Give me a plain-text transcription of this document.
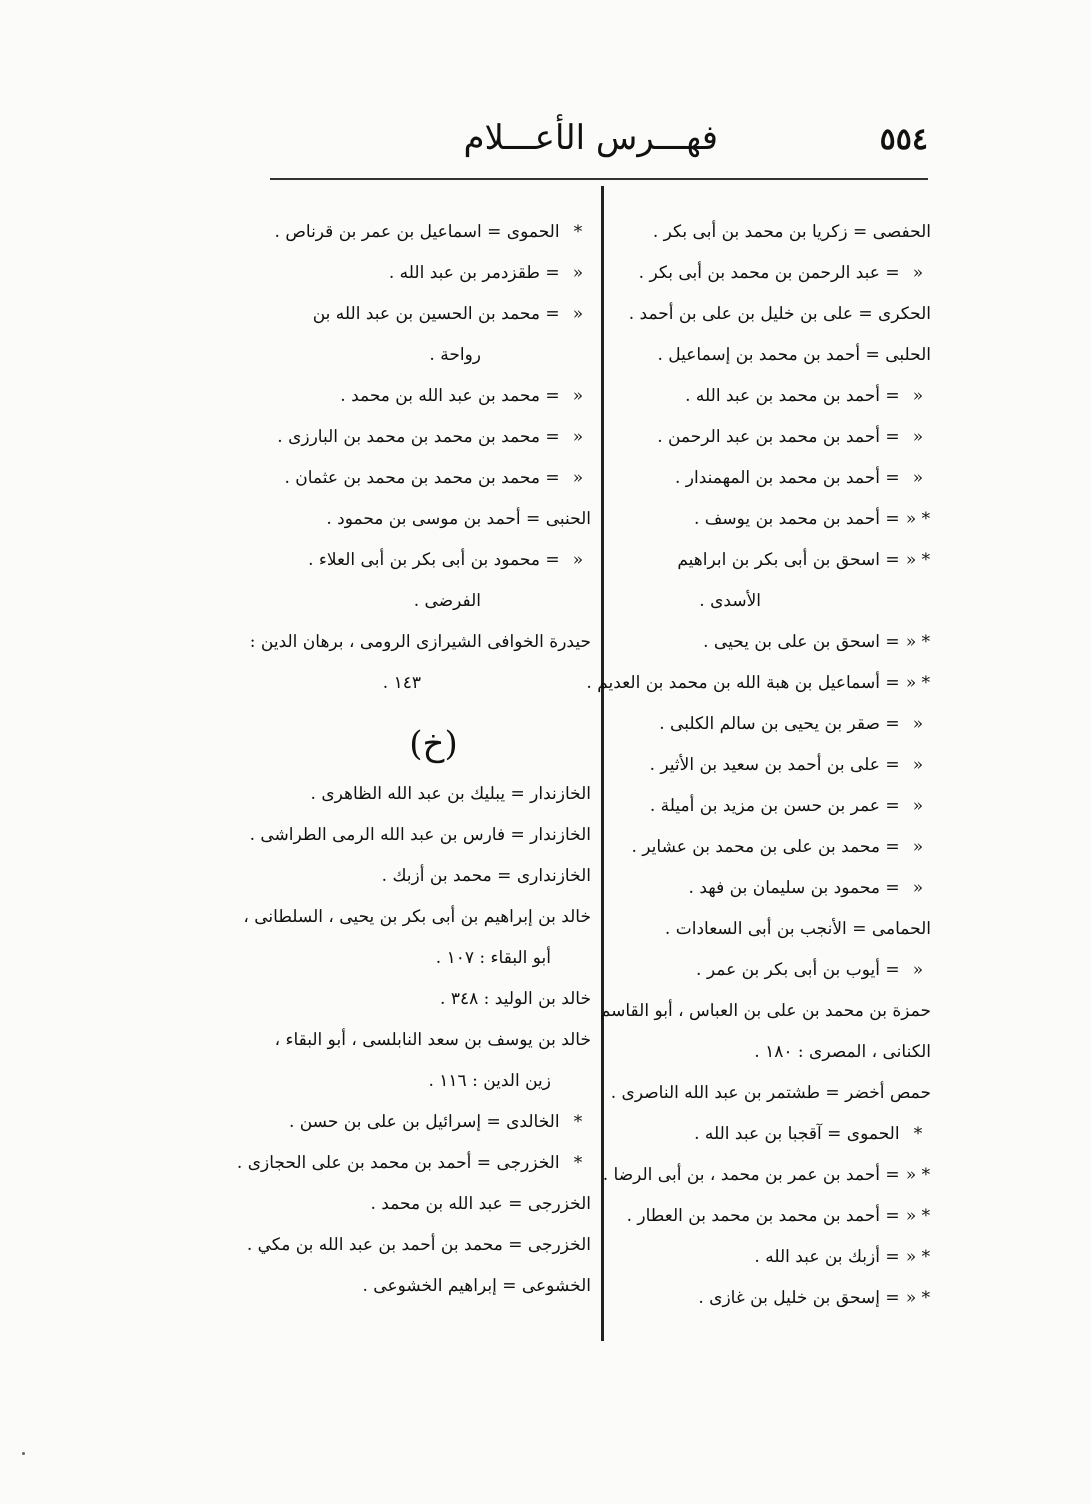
٥٥٤
فهـــرس الأعـــلام
الحفصى = زكريا بن محمد بن أبى بكر .
« = عبد الرحمن بن محمد بن أبى بكر .
الحكرى = على بن خليل بن على بن أحمد .
الحلبى = أحمد بن محمد بن إسماعيل .
« = أحمد بن محمد بن عبد الله .
« = أحمد بن محمد بن عبد الرحمن .
« = أحمد بن محمد بن المهمندار .
* « = أحمد بن محمد بن يوسف .
* « = اسحق بن أبى بكر بن ابراهيم
الأسدى .
* « = اسحق بن على بن يحيى .
* « = أسماعيل بن هبة الله بن محمد بن العديم .
« = صقر بن يحيى بن سالم الكلبى .
« = على بن أحمد بن سعيد بن الأثير .
« = عمر بن حسن بن مزيد بن أميلة .
« = محمد بن على بن محمد بن عشاير .
« = محمود بن سليمان بن فهد .
الحمامى = الأنجب بن أبى السعادات .
« = أيوب بن أبى بكر بن عمر .
حمزة بن محمد بن على بن العباس ، أبو القاسم
الكنانى ، المصرى : ١٨٠ .
حمص أخضر = طشتمر بن عبد الله الناصرى .
* الحموى = آقجبا بن عبد الله .
* « = أحمد بن عمر بن محمد ، بن أبى الرضا .
* « = أحمد بن محمد بن محمد بن العطار .
* « = أزبك بن عبد الله .
* « = إسحق بن خليل بن غازى .
* الحموى = اسماعيل بن عمر بن قرناص .
« = طقزدمر بن عبد الله .
« = محمد بن الحسين بن عبد الله بن
رواحة .
« = محمد بن عبد الله بن محمد .
« = محمد بن محمد بن محمد بن البارزى .
« = محمد بن محمد بن محمد بن عثمان .
الحنبى = أحمد بن موسى بن محمود .
« = محمود بن أبى بكر بن أبى العلاء .
الفرضى .
حيدرة الخوافى الشيرازى الرومى ، برهان الدين :
١٤٣ .
(خ)
الخازندار = يبليك بن عبد الله الظاهرى .
الخازندار = فارس بن عبد الله الرمى الطراشى .
الخازندارى = محمد بن أزبك .
خالد بن إبراهيم بن أبى بكر بن يحيى ، السلطانى ،
أبو البقاء : ١٠٧ .
خالد بن الوليد : ٣٤٨ .
خالد بن يوسف بن سعد النابلسى ، أبو البقاء ،
زين الدين : ١١٦ .
* الخالدى = إسرائيل بن على بن حسن .
* الخزرجى = أحمد بن محمد بن على الحجازى .
الخزرجى = عبد الله بن محمد .
الخزرجى = محمد بن أحمد بن عبد الله بن مكي .
الخشوعى = إبراهيم الخشوعى .
